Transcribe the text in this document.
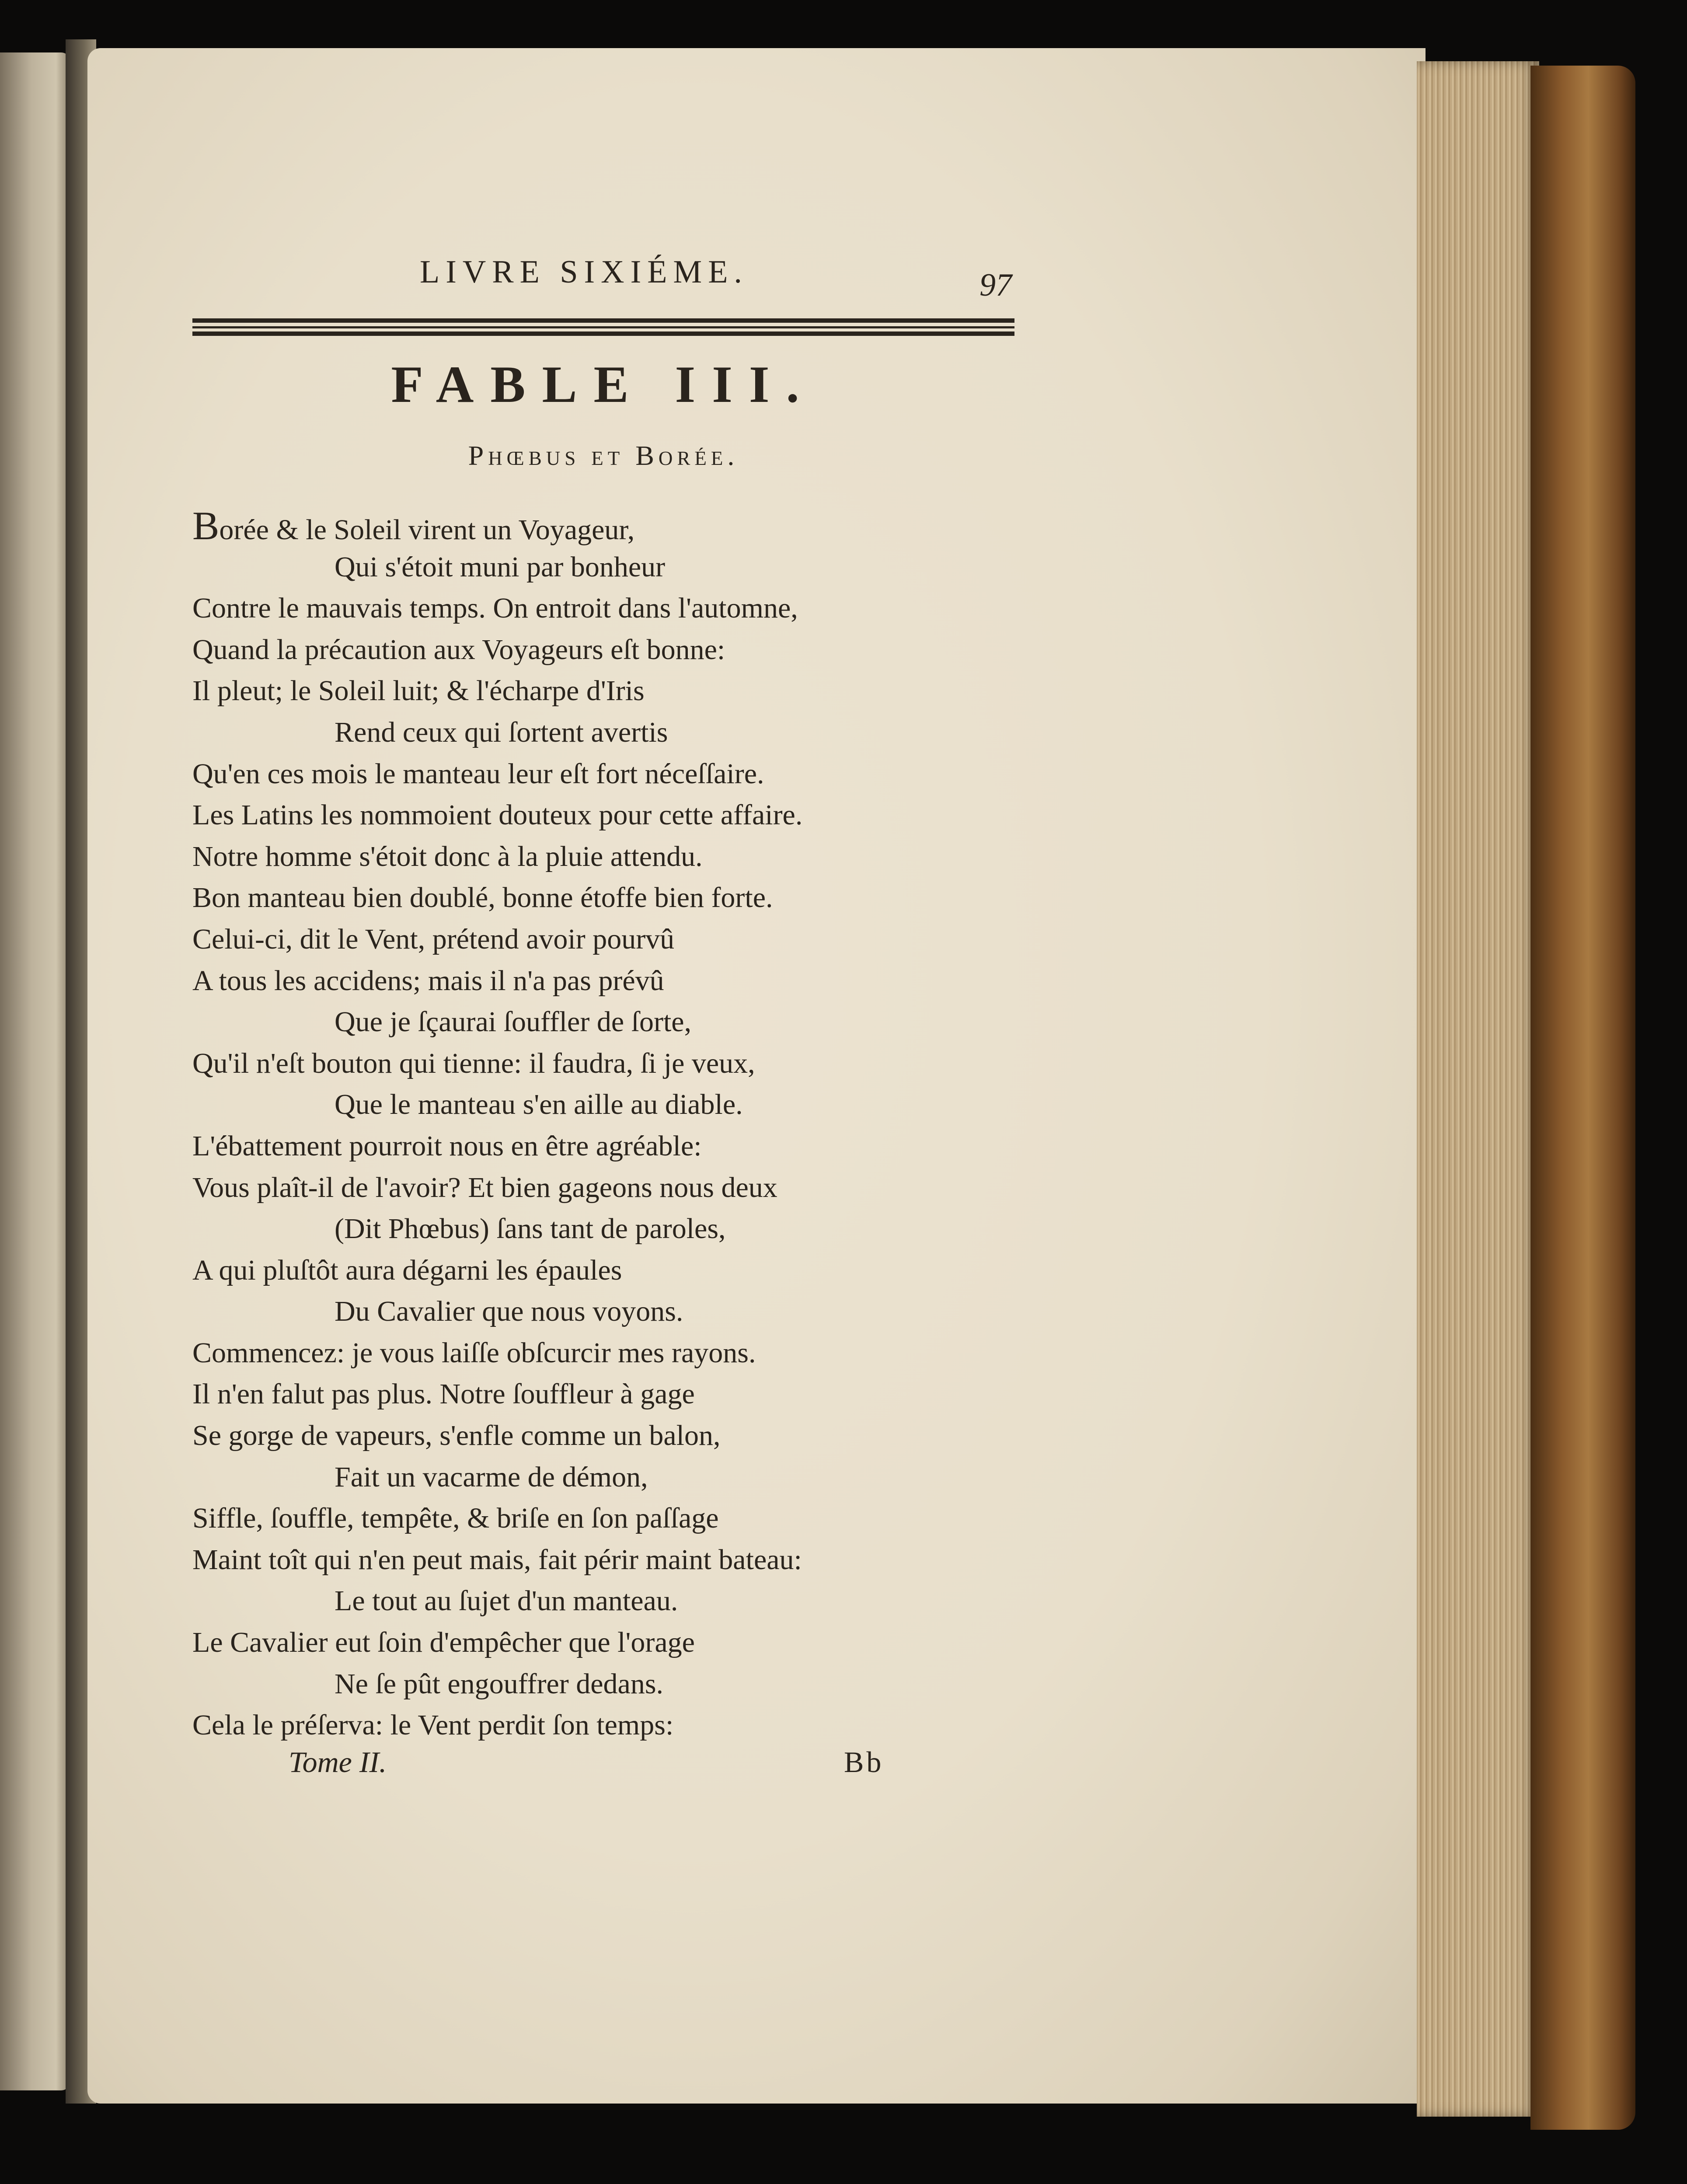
LIVRE SIXIÉME.	97
FABLE III.
Phœbus et Borée.
Borée & le Soleil virent un Voyageur,
Qui s'étoit muni par bonheur
Contre le mauvais temps. On entroit dans l'automne,
Quand la précaution aux Voyageurs eſt bonne:
Il pleut; le Soleil luit; & l'écharpe d'Iris
Rend ceux qui ſortent avertis
Qu'en ces mois le manteau leur eſt fort néceſſaire.
Les Latins les nommoient douteux pour cette affaire.
Notre homme s'étoit donc à la pluie attendu.
Bon manteau bien doublé, bonne étoffe bien forte.
Celui-ci, dit le Vent, prétend avoir pourvû
A tous les accidens; mais il n'a pas prévû
Que je ſçaurai ſouffler de ſorte,
Qu'il n'eſt bouton qui tienne: il faudra, ſi je veux,
Que le manteau s'en aille au diable.
L'ébattement pourroit nous en être agréable:
Vous plaît-il de l'avoir? Et bien gageons nous deux
(Dit Phœbus) ſans tant de paroles,
A qui pluſtôt aura dégarni les épaules
Du Cavalier que nous voyons.
Commencez: je vous laiſſe obſcurcir mes rayons.
Il n'en falut pas plus. Notre ſouffleur à gage
Se gorge de vapeurs, s'enfle comme un balon,
Fait un vacarme de démon,
Siffle, ſouffle, tempête, & briſe en ſon paſſage
Maint toît qui n'en peut mais, fait périr maint bateau:
Le tout au ſujet d'un manteau.
Le Cavalier eut ſoin d'empêcher que l'orage
Ne ſe pût engouffrer dedans.
Cela le préſerva: le Vent perdit ſon temps:
Tome II.	Bb
